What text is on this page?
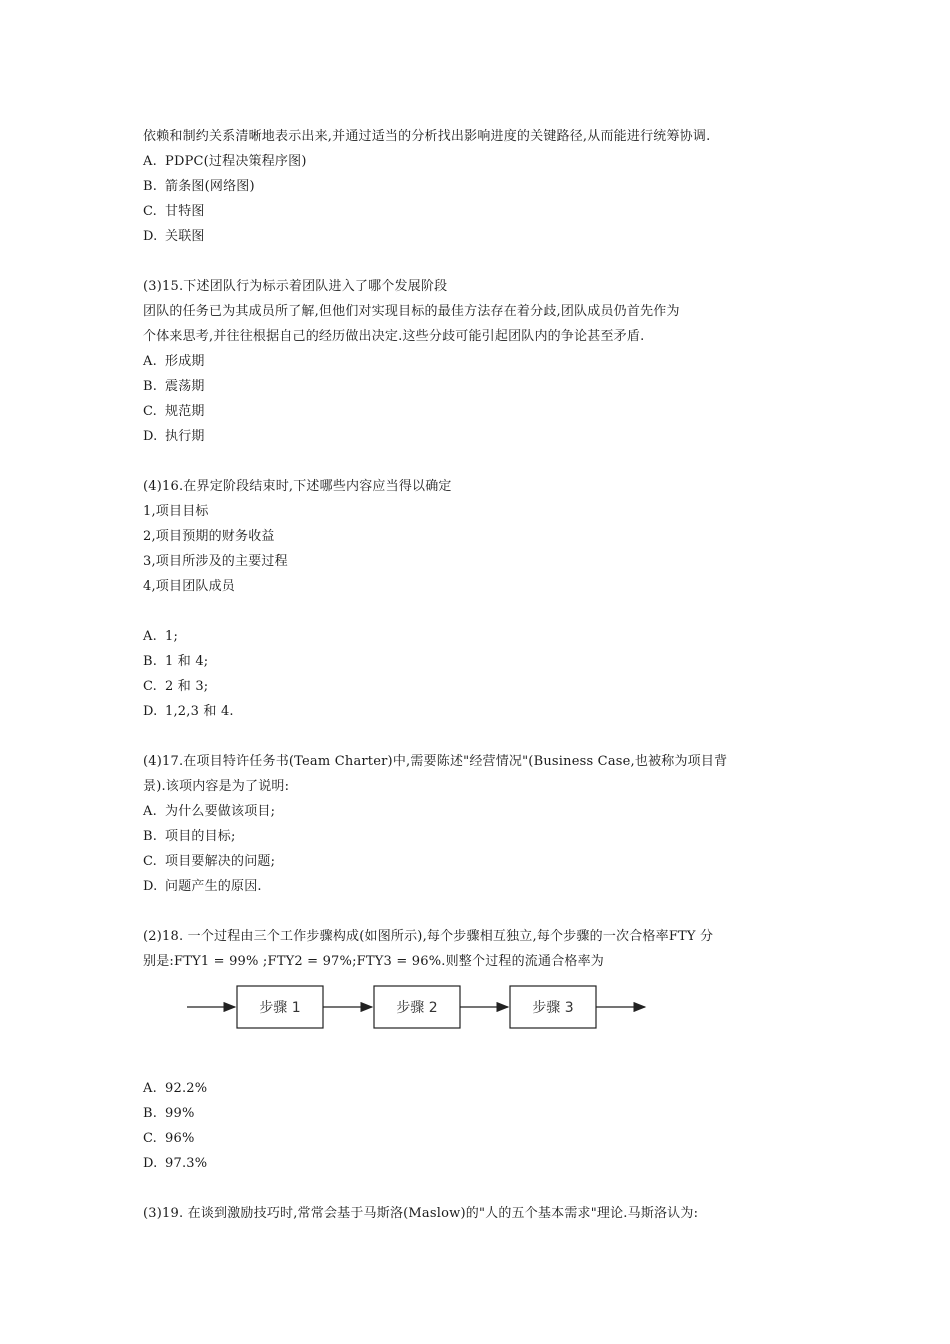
依赖和制约关系清晰地表示出来,并通过适当的分析找出影响进度的关键路径,从而能进行统筹协调.
A. PDPC(过程决策程序图)
B. 箭条图(网络图)
C. 甘特图
D. 关联图
(3)15.下述团队行为标示着团队进入了哪个发展阶段
团队的任务已为其成员所了解,但他们对实现目标的最佳方法存在着分歧,团队成员仍首先作为
个体来思考,并往往根据自己的经历做出决定.这些分歧可能引起团队内的争论甚至矛盾.
A. 形成期
B. 震荡期
C. 规范期
D. 执行期
(4)16.在界定阶段结束时,下述哪些内容应当得以确定
1,项目目标
2,项目预期的财务收益
3,项目所涉及的主要过程
4,项目团队成员
A. 1;
B. 1 和 4;
C. 2 和 3;
D. 1,2,3 和 4.
(4)17.在项目特许任务书(Team Charter)中,需要陈述"经营情况"(Business Case,也被称为项目背
景).该项内容是为了说明:
A. 为什么要做该项目;
B. 项目的目标;
C. 项目要解决的问题;
D. 问题产生的原因.
(2)18. 一个过程由三个工作步骤构成(如图所示),每个步骤相互独立,每个步骤的一次合格率FTY 分
别是:FTY1 = 99% ;FTY2 = 97%;FTY3 = 96%.则整个过程的流通合格率为
步骤 1	步骤 2	步骤 3
A. 92.2%
B. 99%
C. 96%
D. 97.3%
(3)19. 在谈到激励技巧时,常常会基于马斯洛(Maslow)的"人的五个基本需求"理论.马斯洛认为:
